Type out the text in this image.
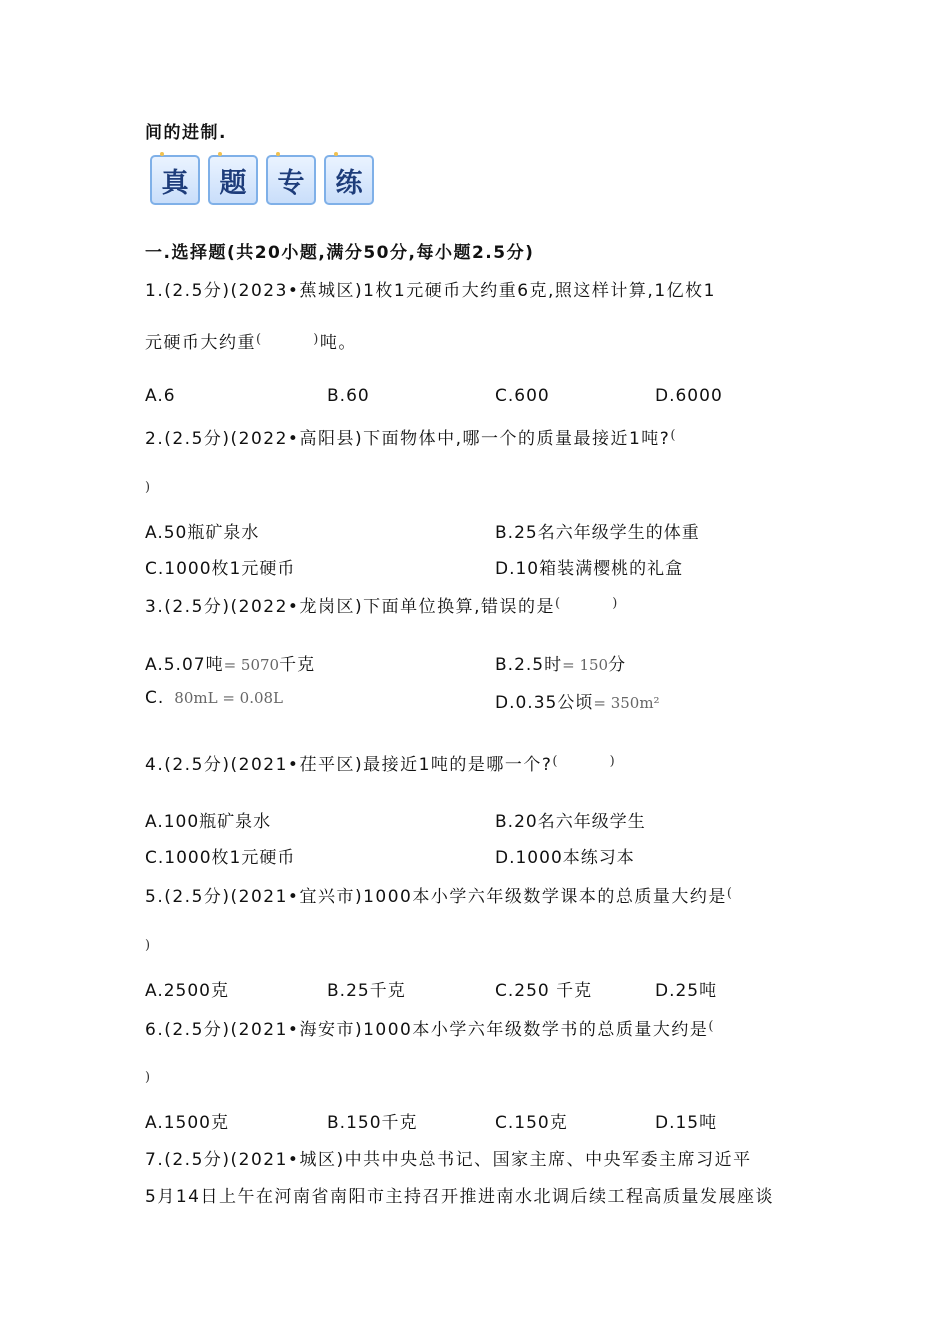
间的进制.
真	题	专	练
一.选择题(共20小题,满分50分,每小题2.5分)
1.(2.5分)(2023•蕉城区)1枚1元硬币大约重6克,照这样计算,1亿枚1
元硬币大约重(         )吨。
A.6	B.60	C.600	D.6000
2.(2.5分)(2022•高阳县)下面物体中,哪一个的质量最接近1吨?(
)
A.50瓶矿泉水	B.25名六年级学生的体重
C.1000枚1元硬币	D.10箱装满樱桃的礼盒
3.(2.5分)(2022•龙岗区)下面单位换算,错误的是(         )
A.5.07吨= 5070千克	B.2.5时= 150分
C. 80mL = 0.08L	D.0.35公顷= 350m²
4.(2.5分)(2021•茌平区)最接近1吨的是哪一个?(         )
A.100瓶矿泉水	B.20名六年级学生
C.1000枚1元硬币	D.1000本练习本
5.(2.5分)(2021•宜兴市)1000本小学六年级数学课本的总质量大约是(
)
A.2500克	B.25千克	C.250 千克	D.25吨
6.(2.5分)(2021•海安市)1000本小学六年级数学书的总质量大约是(
)
A.1500克	B.150千克	C.150克	D.15吨
7.(2.5分)(2021•城区)中共中央总书记、国家主席、中央军委主席习近平
5月14日上午在河南省南阳市主持召开推进南水北调后续工程高质量发展座谈
